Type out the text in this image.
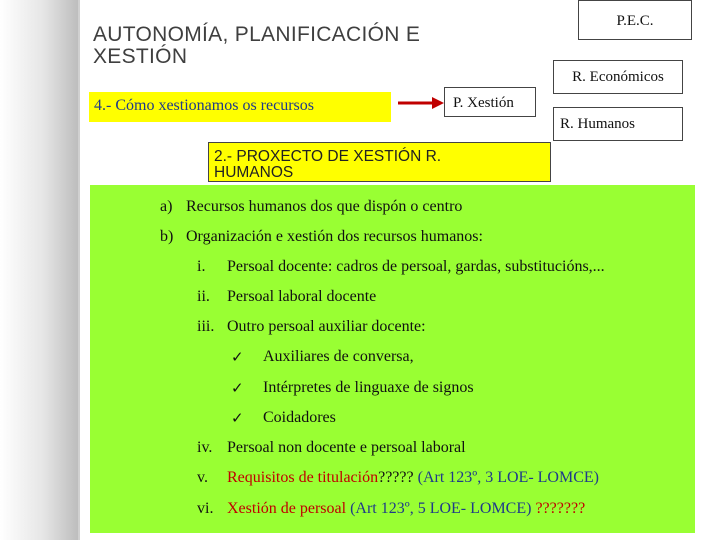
AUTONOMÍA, PLANIFICACIÓN E
XESTIÓN
P.E.C.
R. Económicos
R. Humanos
P. Xestión
4.- Cómo xestionamos os recursos
2.- PROXECTO DE XESTIÓN R.
HUMANOS
a) Recursos humanos dos que dispón o centro
b) Organización e xestión dos recursos humanos:
i. Persoal docente: cadros de persoal, gardas, substitucións,...
ii. Persoal laboral docente
iii. Outro persoal auxiliar docente:
✓ Auxiliares de conversa,
✓ Intérpretes de linguaxe de signos
✓ Coidadores
iv. Persoal non docente e persoal laboral
v. Requisitos de titulación????? (Art 123º, 3 LOE- LOMCE)
vi. Xestión de persoal (Art 123º, 5 LOE- LOMCE) ???????
